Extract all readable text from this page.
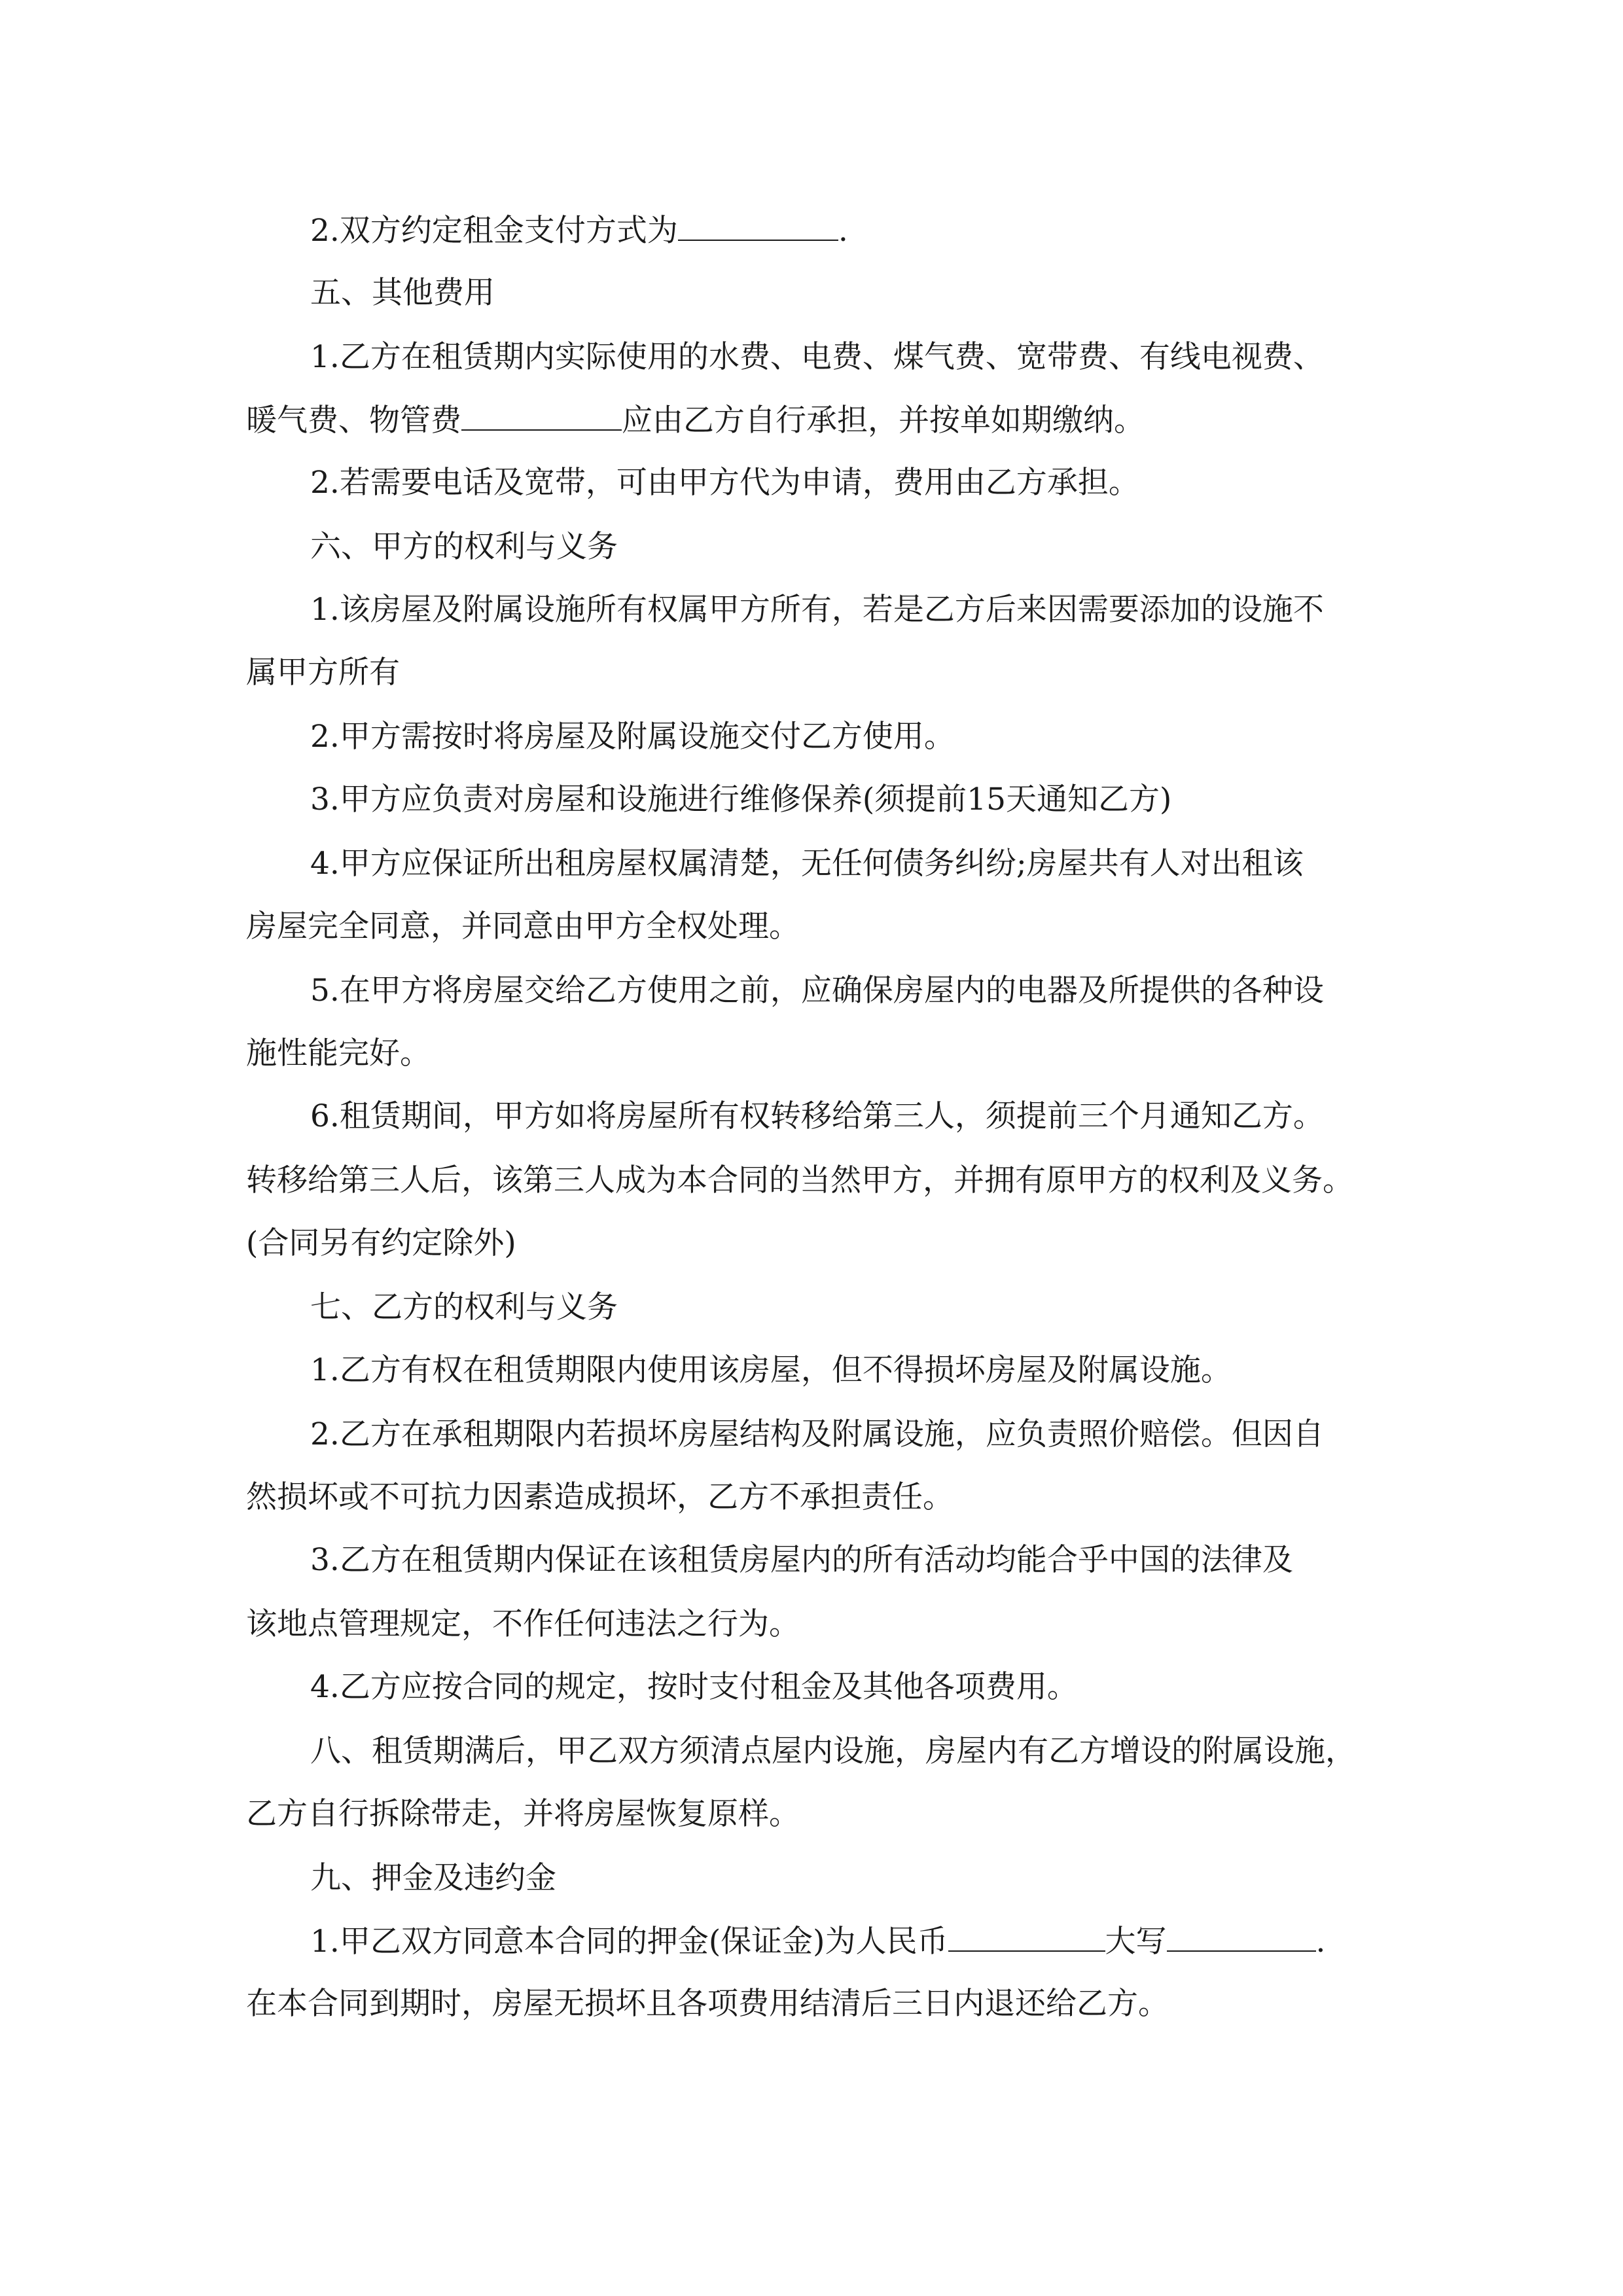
2.双方约定租金支付方式为	.
五、其他费用
1.乙方在租赁期内实际使用的水费、电费、煤气费、宽带费、有线电视费、
暖气费、物管费	应由乙方自行承担，并按单如期缴纳。
2.若需要电话及宽带，可由甲方代为申请，费用由乙方承担。
六、甲方的权利与义务
1.该房屋及附属设施所有权属甲方所有，若是乙方后来因需要添加的设施不
属甲方所有
2.甲方需按时将房屋及附属设施交付乙方使用。
3.甲方应负责对房屋和设施进行维修保养(须提前15天通知乙方)
4.甲方应保证所出租房屋权属清楚，无任何债务纠纷;房屋共有人对出租该
房屋完全同意，并同意由甲方全权处理。
5.在甲方将房屋交给乙方使用之前，应确保房屋内的电器及所提供的各种设
施性能完好。
6.租赁期间，甲方如将房屋所有权转移给第三人，须提前三个月通知乙方。
转移给第三人后，该第三人成为本合同的当然甲方，并拥有原甲方的权利及义务。
(合同另有约定除外)
七、乙方的权利与义务
1.乙方有权在租赁期限内使用该房屋，但不得损坏房屋及附属设施。
2.乙方在承租期限内若损坏房屋结构及附属设施，应负责照价赔偿。但因自
然损坏或不可抗力因素造成损坏，乙方不承担责任。
3.乙方在租赁期内保证在该租赁房屋内的所有活动均能合乎中国的法律及
该地点管理规定，不作任何违法之行为。
4.乙方应按合同的规定，按时支付租金及其他各项费用。
八、租赁期满后，甲乙双方须清点屋内设施，房屋内有乙方增设的附属设施，
乙方自行拆除带走，并将房屋恢复原样。
九、押金及违约金
1.甲乙双方同意本合同的押金(保证金)为人民币	大写	.
在本合同到期时，房屋无损坏且各项费用结清后三日内退还给乙方。
